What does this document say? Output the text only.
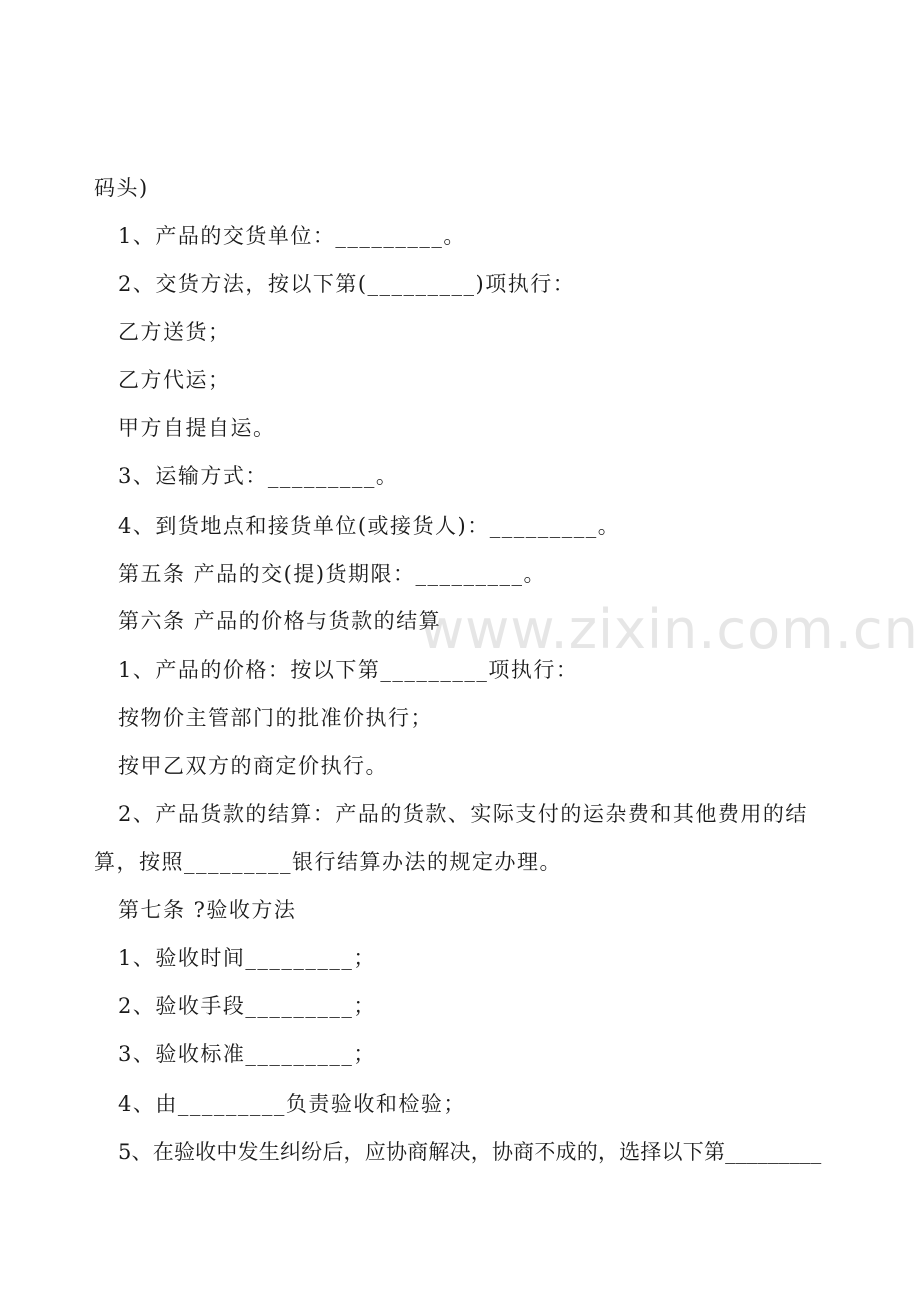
www.zixin.com.cn
码头)
1、产品的交货单位：_________。
2、交货方法，按以下第(_________)项执行：
乙方送货；
乙方代运；
甲方自提自运。
3、运输方式：_________。
4、到货地点和接货单位(或接货人)：_________。
第五条 产品的交(提)货期限：_________。
第六条 产品的价格与货款的结算
1、产品的价格：按以下第_________项执行：
按物价主管部门的批准价执行；
按甲乙双方的商定价执行。
2、产品货款的结算：产品的货款、实际支付的运杂费和其他费用的结
算，按照_________银行结算办法的规定办理。
第七条 ?验收方法
1、验收时间_________；
2、验收手段_________；
3、验收标准_________；
4、由_________负责验收和检验；
5、在验收中发生纠纷后，应协商解决，协商不成的，选择以下第_________
